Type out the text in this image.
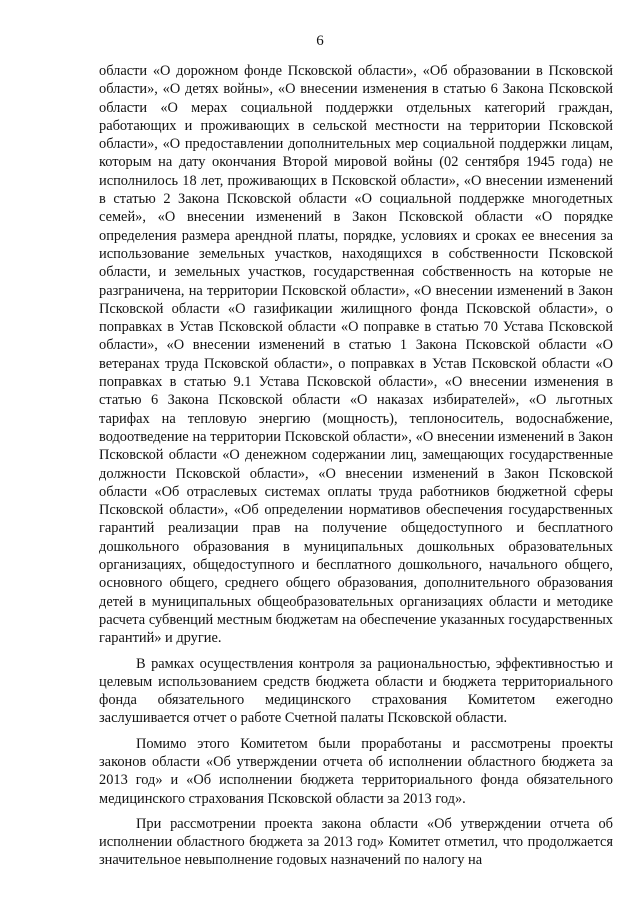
6

области «О дорожном фонде Псковской области», «Об образовании в Псковской области», «О детях войны», «О внесении изменения в статью 6 Закона Псковской области «О мерах социальной поддержки отдельных категорий граждан, работающих и проживающих в сельской местности на территории Псковской области», «О предоставлении дополнительных мер социальной поддержки лицам, которым на дату окончания Второй мировой войны (02 сентября 1945 года) не исполнилось 18 лет, проживающих в Псковской области», «О внесении изменений в статью 2 Закона Псковской области «О социальной поддержке многодетных семей», «О внесении изменений в Закон Псковской области «О порядке определения размера арендной платы, порядке, условиях и сроках ее внесения за использование земельных участков, находящихся в собственности Псковской области, и земельных участков, государственная собственность на которые не разграничена, на территории Псковской области», «О внесении изменений в Закон Псковской области «О газификации жилищного фонда Псковской области», о поправках в Устав Псковской области «О поправке в статью 70 Устава Псковской области», «О внесении изменений в статью 1 Закона Псковской области «О ветеранах труда Псковской области», о поправках в Устав Псковской области «О поправках в статью 9.1 Устава Псковской области», «О внесении изменения в статью 6 Закона Псковской области «О наказах избирателей», «О льготных тарифах на тепловую энергию (мощность), теплоноситель, водоснабжение, водоотведение на территории Псковской области», «О внесении изменений в Закон Псковской области «О денежном содержании лиц, замещающих государственные должности Псковской области», «О внесении изменений в Закон Псковской области «Об отраслевых системах оплаты труда работников бюджетной сферы Псковской области», «Об определении нормативов обеспечения государственных гарантий реализации прав на получение общедоступного и бесплатного дошкольного образования в муниципальных дошкольных образовательных организациях, общедоступного и бесплатного дошкольного, начального общего, основного общего, среднего общего образования, дополнительного образования детей в муниципальных общеобразовательных организациях области и методике расчета субвенций местным бюджетам на обеспечение указанных государственных гарантий» и другие.

В рамках осуществления контроля за рациональностью, эффективностью и целевым использованием средств бюджета области и бюджета территориального фонда обязательного медицинского страхования Комитетом ежегодно заслушивается отчет о работе Счетной палаты Псковской области.

Помимо этого Комитетом были проработаны и рассмотрены проекты законов области «Об утверждении отчета об исполнении областного бюджета за 2013 год» и «Об исполнении бюджета территориального фонда обязательного медицинского страхования Псковской области за 2013 год».

При рассмотрении проекта закона области «Об утверждении отчета об исполнении областного бюджета за 2013 год» Комитет отметил, что продолжается значительное невыполнение годовых назначений по налогу на
